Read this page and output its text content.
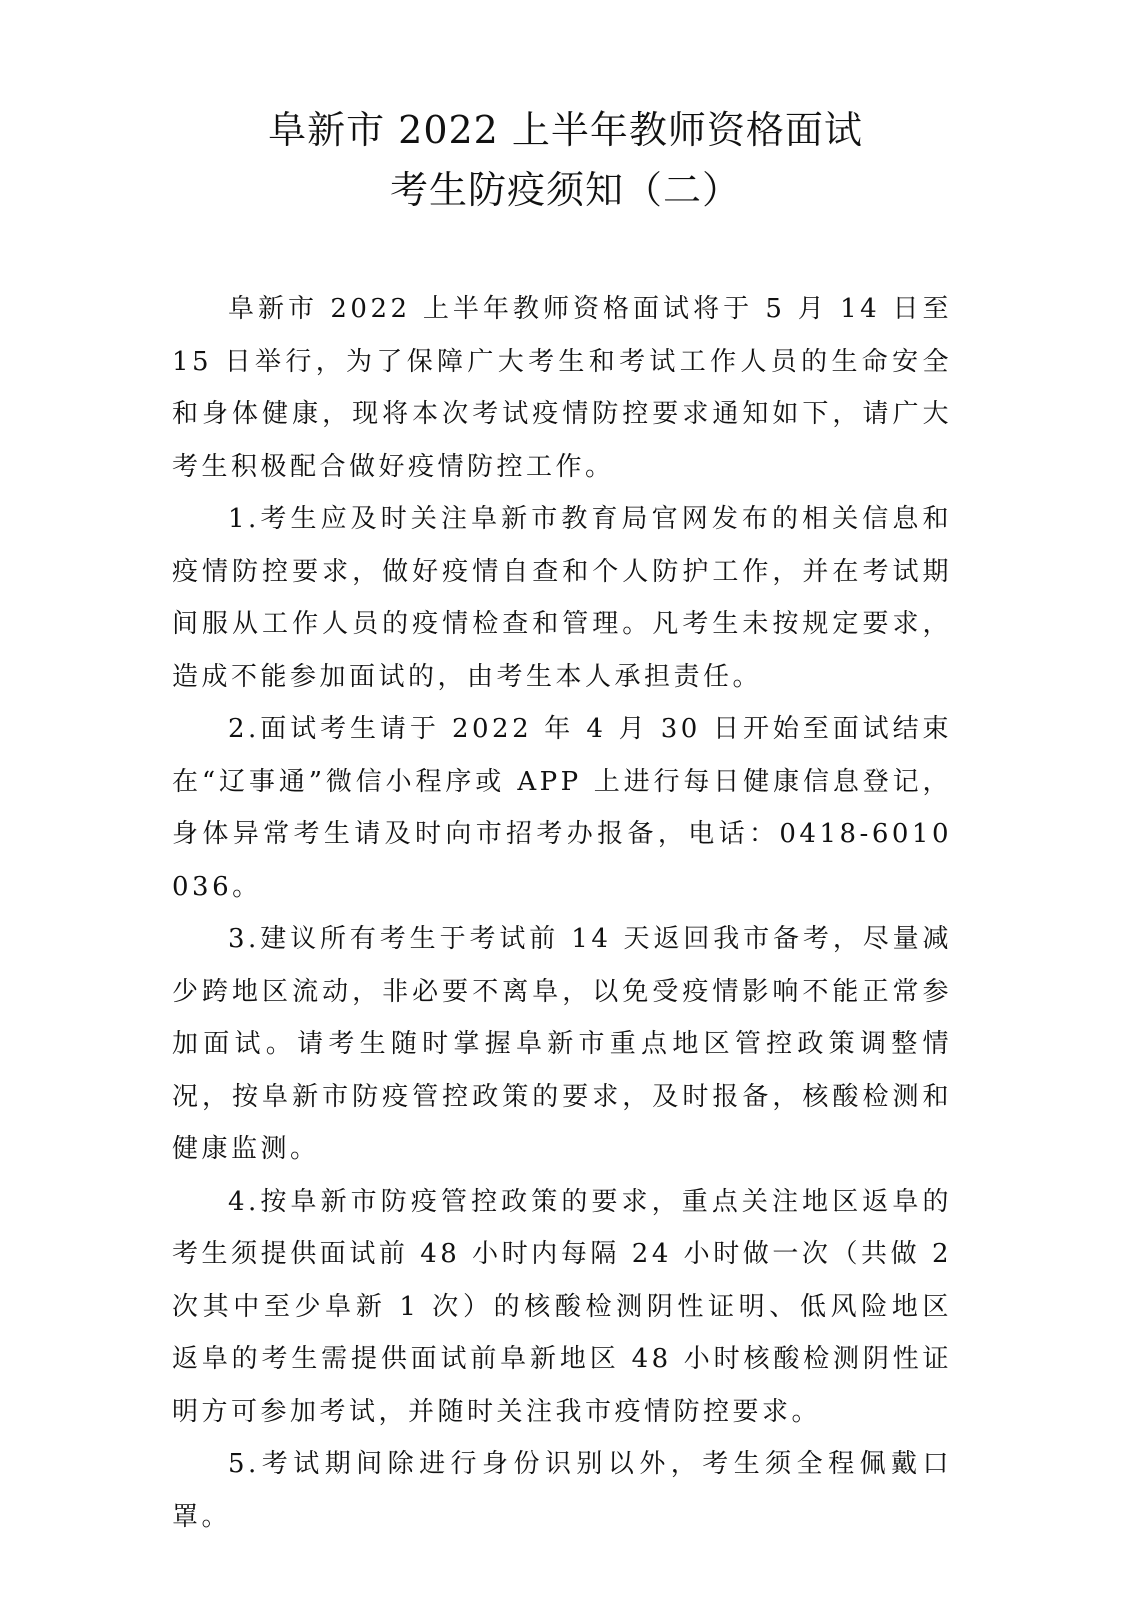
阜新市 2022 上半年教师资格面试
考生防疫须知（二）

阜新市 2022 上半年教师资格面试将于 5 月 14 日至 15 日举行，为了保障广大考生和考试工作人员的生命安全和身体健康，现将本次考试疫情防控要求通知如下，请广大考生积极配合做好疫情防控工作。

1.考生应及时关注阜新市教育局官网发布的相关信息和疫情防控要求，做好疫情自查和个人防护工作，并在考试期间服从工作人员的疫情检查和管理。凡考生未按规定要求，造成不能参加面试的，由考生本人承担责任。

2.面试考生请于 2022 年 4 月 30 日开始至面试结束在“辽事通”微信小程序或 APP 上进行每日健康信息登记，身体异常考生请及时向市招考办报备，电话：0418-6010036。

3.建议所有考生于考试前 14 天返回我市备考，尽量减少跨地区流动，非必要不离阜，以免受疫情影响不能正常参加面试。请考生随时掌握阜新市重点地区管控政策调整情况，按阜新市防疫管控政策的要求，及时报备，核酸检测和健康监测。

4.按阜新市防疫管控政策的要求，重点关注地区返阜的考生须提供面试前 48 小时内每隔 24 小时做一次（共做 2 次其中至少阜新 1 次）的核酸检测阴性证明、低风险地区返阜的考生需提供面试前阜新地区 48 小时核酸检测阴性证明方可参加考试，并随时关注我市疫情防控要求。

5.考试期间除进行身份识别以外，考生须全程佩戴口罩。
